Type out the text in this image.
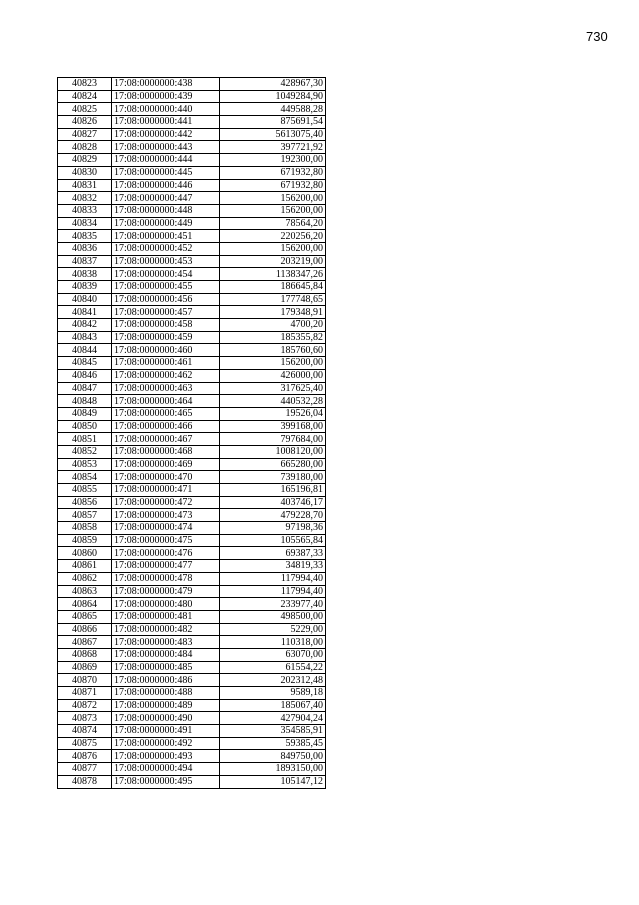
730
40823	17:08:0000000:438	428967,30
40824	17:08:0000000:439	1049284,90
40825	17:08:0000000:440	449588,28
40826	17:08:0000000:441	875691,54
40827	17:08:0000000:442	5613075,40
40828	17:08:0000000:443	397721,92
40829	17:08:0000000:444	192300,00
40830	17:08:0000000:445	671932,80
40831	17:08:0000000:446	671932,80
40832	17:08:0000000:447	156200,00
40833	17:08:0000000:448	156200,00
40834	17:08:0000000:449	78564,20
40835	17:08:0000000:451	220256,20
40836	17:08:0000000:452	156200,00
40837	17:08:0000000:453	203219,00
40838	17:08:0000000:454	1138347,26
40839	17:08:0000000:455	186645,84
40840	17:08:0000000:456	177748,65
40841	17:08:0000000:457	179348,91
40842	17:08:0000000:458	4700,20
40843	17:08:0000000:459	185355,82
40844	17:08:0000000:460	185760,60
40845	17:08:0000000:461	156200,00
40846	17:08:0000000:462	426000,00
40847	17:08:0000000:463	317625,40
40848	17:08:0000000:464	440532,28
40849	17:08:0000000:465	19526,04
40850	17:08:0000000:466	399168,00
40851	17:08:0000000:467	797684,00
40852	17:08:0000000:468	1008120,00
40853	17:08:0000000:469	665280,00
40854	17:08:0000000:470	739180,00
40855	17:08:0000000:471	165196,81
40856	17:08:0000000:472	403746,17
40857	17:08:0000000:473	479228,70
40858	17:08:0000000:474	97198,36
40859	17:08:0000000:475	105565,84
40860	17:08:0000000:476	69387,33
40861	17:08:0000000:477	34819,33
40862	17:08:0000000:478	117994,40
40863	17:08:0000000:479	117994,40
40864	17:08:0000000:480	233977,40
40865	17:08:0000000:481	498500,00
40866	17:08:0000000:482	5229,00
40867	17:08:0000000:483	110318,00
40868	17:08:0000000:484	63070,00
40869	17:08:0000000:485	61554,22
40870	17:08:0000000:486	202312,48
40871	17:08:0000000:488	9589,18
40872	17:08:0000000:489	185067,40
40873	17:08:0000000:490	427904,24
40874	17:08:0000000:491	354585,91
40875	17:08:0000000:492	59385,45
40876	17:08:0000000:493	849750,00
40877	17:08:0000000:494	1893150,00
40878	17:08:0000000:495	105147,12
